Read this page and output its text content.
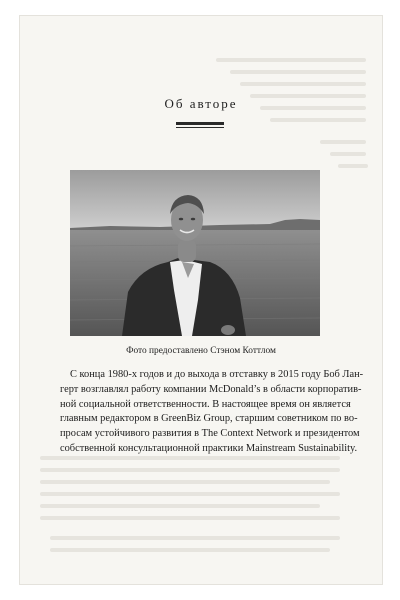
Об авторе
Фото предоставлено Стэном Коттлом
С конца 1980-х годов и до выхода в отставку в 2015 году Боб Лан-
герт возглавлял работу компании McDonald’s в области корпоратив-
ной социальной ответственности. В настоящее время он является
главным редактором в GreenBiz Group, старшим советником по во-
просам устойчивого развития в The Context Network и президентом
собственной консультационной практики Mainstream Sustainability.
